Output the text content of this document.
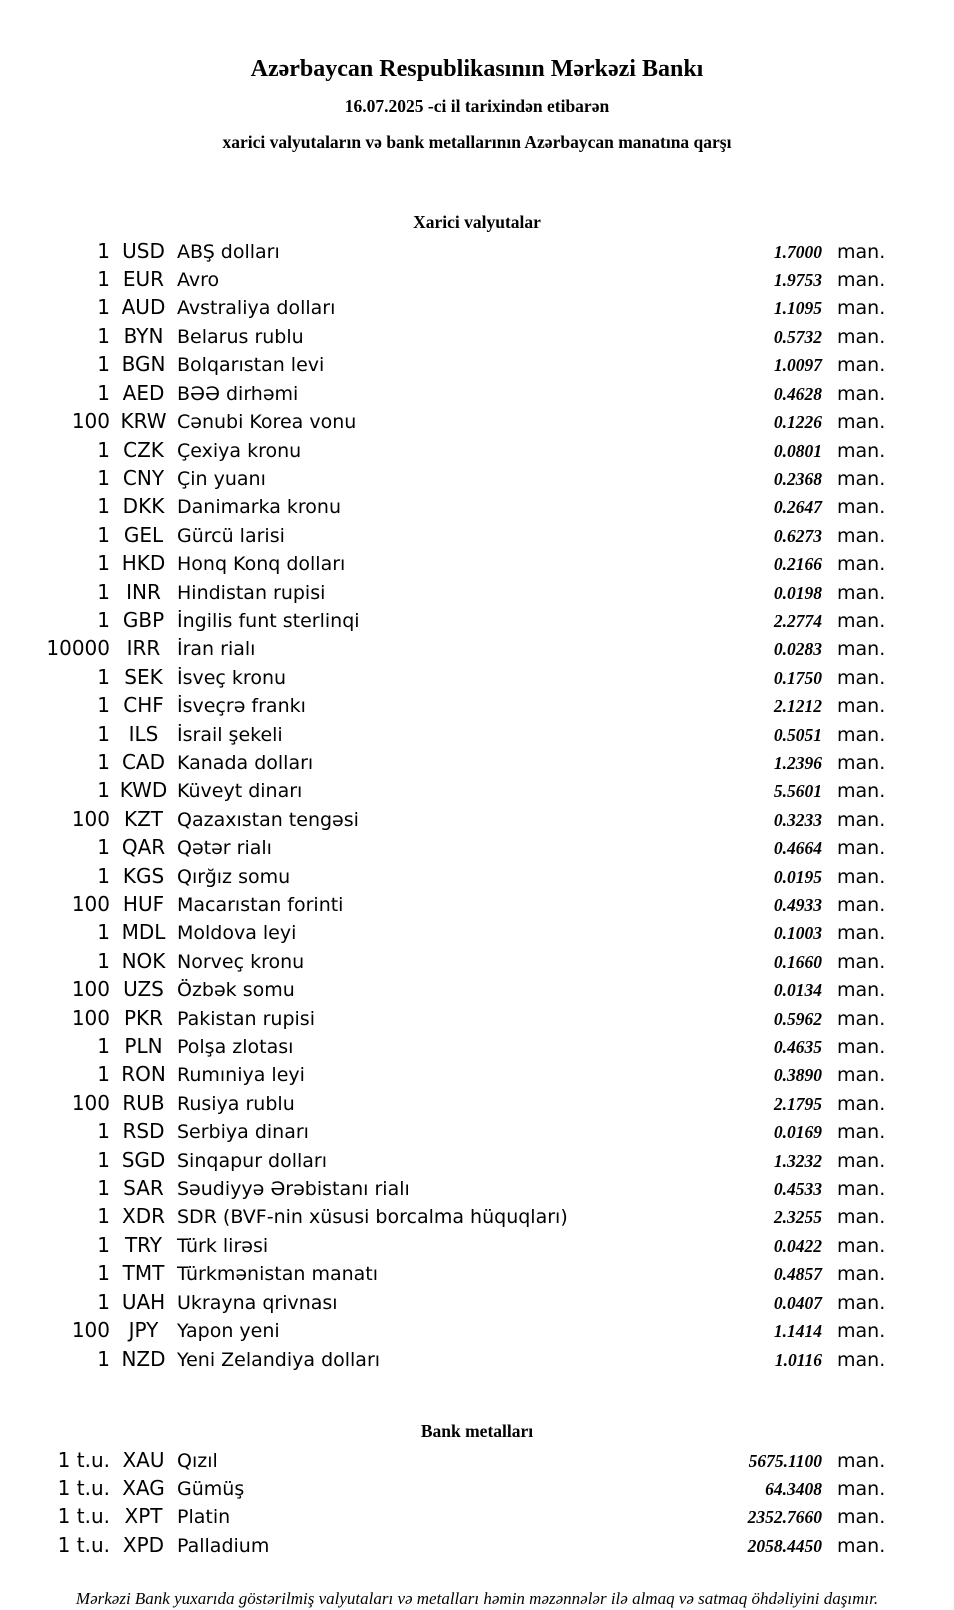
Azərbaycan Respublikasının Mərkəzi Bankı
16.07.2025 -ci il tarixindən etibarən
xarici valyutaların və bank metallarının Azərbaycan manatına qarşı
Xarici valyutalar
1 USD ABŞ dolları	1.7000 man.
1 EUR Avro	1.9753 man.
1 AUD Avstraliya dolları	1.1095 man.
1 BYN Belarus rublu	0.5732 man.
1 BGN Bolqarıstan levi	1.0097 man.
1 AED BƏƏ dirhəmi	0.4628 man.
100 KRW Cənubi Korea vonu	0.1226 man.
1 CZK Çexiya kronu	0.0801 man.
1 CNY Çin yuanı	0.2368 man.
1 DKK Danimarka kronu	0.2647 man.
1 GEL Gürcü larisi	0.6273 man.
1 HKD Honq Konq dolları	0.2166 man.
1 INR Hindistan rupisi	0.0198 man.
1 GBP İngilis funt sterlinqi	2.2774 man.
10000 IRR İran rialı	0.0283 man.
1 SEK İsveç kronu	0.1750 man.
1 CHF İsveçrə frankı	2.1212 man.
1 ILS İsrail şekeli	0.5051 man.
1 CAD Kanada dolları	1.2396 man.
1 KWD Küveyt dinarı	5.5601 man.
100 KZT Qazaxıstan tengəsi	0.3233 man.
1 QAR Qətər rialı	0.4664 man.
1 KGS Qırğız somu	0.0195 man.
100 HUF Macarıstan forinti	0.4933 man.
1 MDL Moldova leyi	0.1003 man.
1 NOK Norveç kronu	0.1660 man.
100 UZS Özbək somu	0.0134 man.
100 PKR Pakistan rupisi	0.5962 man.
1 PLN Polşa zlotası	0.4635 man.
1 RON Rumıniya leyi	0.3890 man.
100 RUB Rusiya rublu	2.1795 man.
1 RSD Serbiya dinarı	0.0169 man.
1 SGD Sinqapur dolları	1.3232 man.
1 SAR Səudiyyə Ərəbistanı rialı	0.4533 man.
1 XDR SDR (BVF-nin xüsusi borcalma hüquqları)	2.3255 man.
1 TRY Türk lirəsi	0.0422 man.
1 TMT Türkmənistan manatı	0.4857 man.
1 UAH Ukrayna qrivnası	0.0407 man.
100 JPY Yapon yeni	1.1414 man.
1 NZD Yeni Zelandiya dolları	1.0116 man.
Bank metalları
1 t.u. XAU Qızıl	5675.1100 man.
1 t.u. XAG Gümüş	64.3408 man.
1 t.u. XPT Platin	2352.7660 man.
1 t.u. XPD Palladium	2058.4450 man.
Mərkəzi Bank yuxarıda göstərilmiş valyutaları və metalları həmin məzənnələr ilə almaq və satmaq öhdəliyini daşımır.
